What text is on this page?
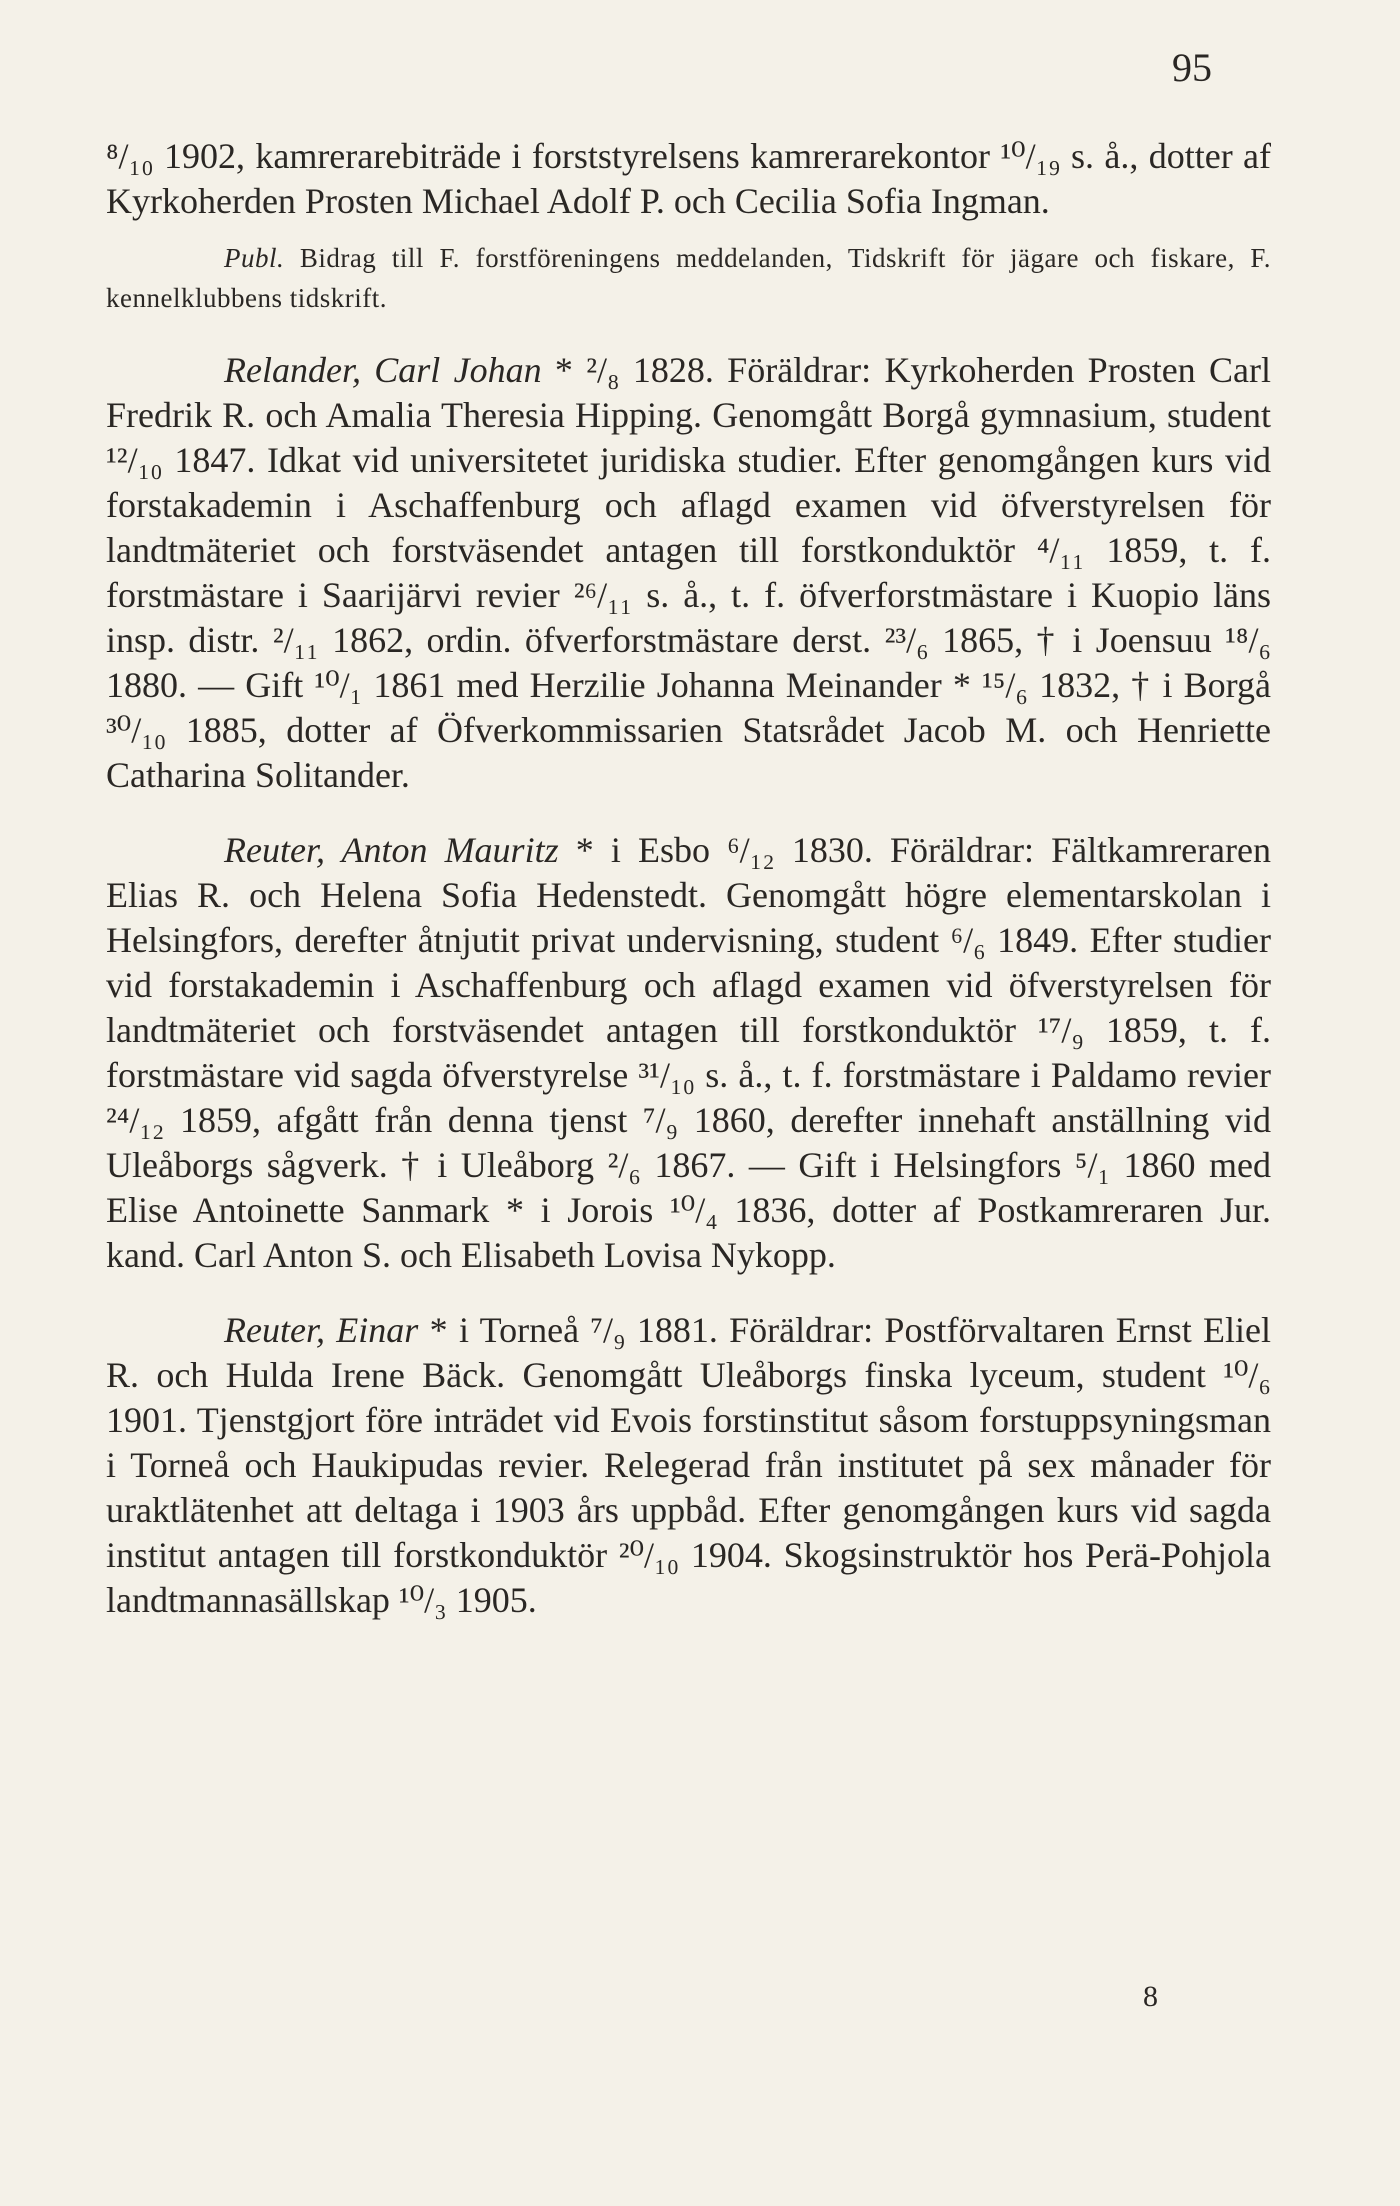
95

⁸/₁₀ 1902, kamrerarebiträde i forststyrelsens kamrerarekontor ¹⁰/₁₉ s. å., dotter af Kyrkoherden Prosten Michael Adolf P. och Cecilia Sofia Ingman.

Publ. Bidrag till F. forstföreningens meddelanden, Tidskrift för jägare och fiskare, F. kennelklubbens tidskrift.

Relander, Carl Johan * ²/₈ 1828. Föräldrar: Kyrkoherden Prosten Carl Fredrik R. och Amalia Theresia Hipping. Genomgått Borgå gymnasium, student ¹²/₁₀ 1847. Idkat vid universitetet juridiska studier. Efter genomgången kurs vid forstakademin i Aschaffenburg och aflagd examen vid öfverstyrelsen för landtmäteriet och forstväsendet antagen till forstkonduktör ⁴/₁₁ 1859, t. f. forstmästare i Saarijärvi revier ²⁶/₁₁ s. å., t. f. öfverforstmästare i Kuopio läns insp. distr. ²/₁₁ 1862, ordin. öfverforstmästare derst. ²³/₆ 1865, † i Joensuu ¹⁸/₆ 1880. — Gift ¹⁰/₁ 1861 med Herzilie Johanna Meinander * ¹⁵/₆ 1832, † i Borgå ³⁰/₁₀ 1885, dotter af Öfverkommissarien Statsrådet Jacob M. och Henriette Catharina Solitander.

Reuter, Anton Mauritz * i Esbo ⁶/₁₂ 1830. Föräldrar: Fältkamreraren Elias R. och Helena Sofia Hedenstedt. Genomgått högre elementarskolan i Helsingfors, derefter åtnjutit privat undervisning, student ⁶/₆ 1849. Efter studier vid forstakademin i Aschaffenburg och aflagd examen vid öfverstyrelsen för landtmäteriet och forstväsendet antagen till forstkonduktör ¹⁷/₉ 1859, t. f. forstmästare vid sagda öfverstyrelse ³¹/₁₀ s. å., t. f. forstmästare i Paldamo revier ²⁴/₁₂ 1859, afgått från denna tjenst ⁷/₉ 1860, derefter innehaft anställning vid Uleåborgs sågverk. † i Uleåborg ²/₆ 1867. — Gift i Helsingfors ⁵/₁ 1860 med Elise Antoinette Sanmark * i Jorois ¹⁰/₄ 1836, dotter af Postkamreraren Jur. kand. Carl Anton S. och Elisabeth Lovisa Nykopp.

Reuter, Einar * i Torneå ⁷/₉ 1881. Föräldrar: Postförvaltaren Ernst Eliel R. och Hulda Irene Bäck. Genomgått Uleåborgs finska lyceum, student ¹⁰/₆ 1901. Tjenstgjort före inträdet vid Evois forstinstitut såsom forstuppsyningsman i Torneå och Haukipudas revier. Relegerad från institutet på sex månader för uraktlätenhet att deltaga i 1903 års uppbåd. Efter genomgången kurs vid sagda institut antagen till forstkonduktör ²⁰/₁₀ 1904. Skogsinstruktör hos Perä-Pohjola landtmannasällskap ¹⁰/₃ 1905.

8
